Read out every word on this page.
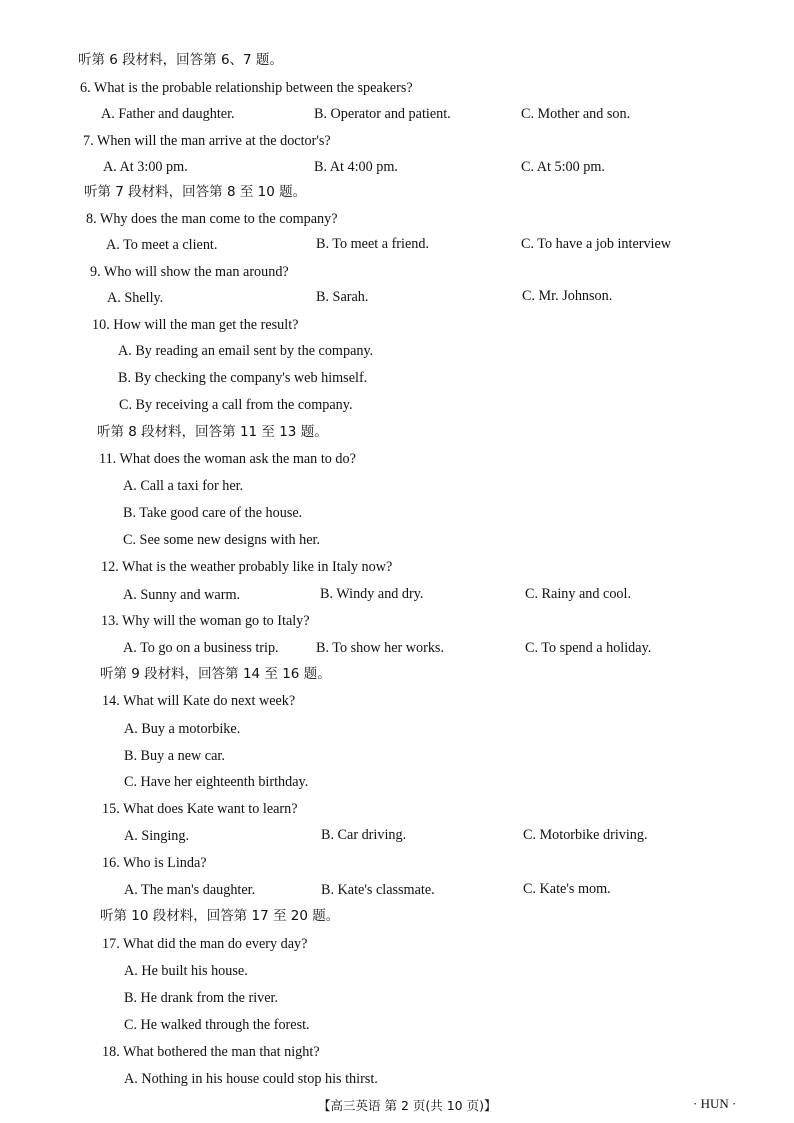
听第 6 段材料，回答第 6、7 题。
6. What is the probable relationship between the speakers?
A. Father and daughter.	B. Operator and patient.	C. Mother and son.
7. When will the man arrive at the doctor's?
A. At 3:00 pm.	B. At 4:00 pm.	C. At 5:00 pm.
听第 7 段材料，回答第 8 至 10 题。
8. Why does the man come to the company?
A. To meet a client.	B. To meet a friend.	C. To have a job interview
9. Who will show the man around?
A. Shelly.	B. Sarah.	C. Mr. Johnson.
10. How will the man get the result?
A. By reading an email sent by the company.
B. By checking the company's web himself.
C. By receiving a call from the company.
听第 8 段材料，回答第 11 至 13 题。
11. What does the woman ask the man to do?
A. Call a taxi for her.
B. Take good care of the house.
C. See some new designs with her.
12. What is the weather probably like in Italy now?
A. Sunny and warm.	B. Windy and dry.	C. Rainy and cool.
13. Why will the woman go to Italy?
A. To go on a business trip.	B. To show her works.	C. To spend a holiday.
听第 9 段材料，回答第 14 至 16 题。
14. What will Kate do next week?
A. Buy a motorbike.
B. Buy a new car.
C. Have her eighteenth birthday.
15. What does Kate want to learn?
A. Singing.	B. Car driving.	C. Motorbike driving.
16. Who is Linda?
A. The man's daughter.	B. Kate's classmate.	C. Kate's mom.
听第 10 段材料，回答第 17 至 20 题。
17. What did the man do every day?
A. He built his house.
B. He drank from the river.
C. He walked through the forest.
18. What bothered the man that night?
A. Nothing in his house could stop his thirst.
【高三英语 第 2 页(共 10 页)】	· HUN ·
